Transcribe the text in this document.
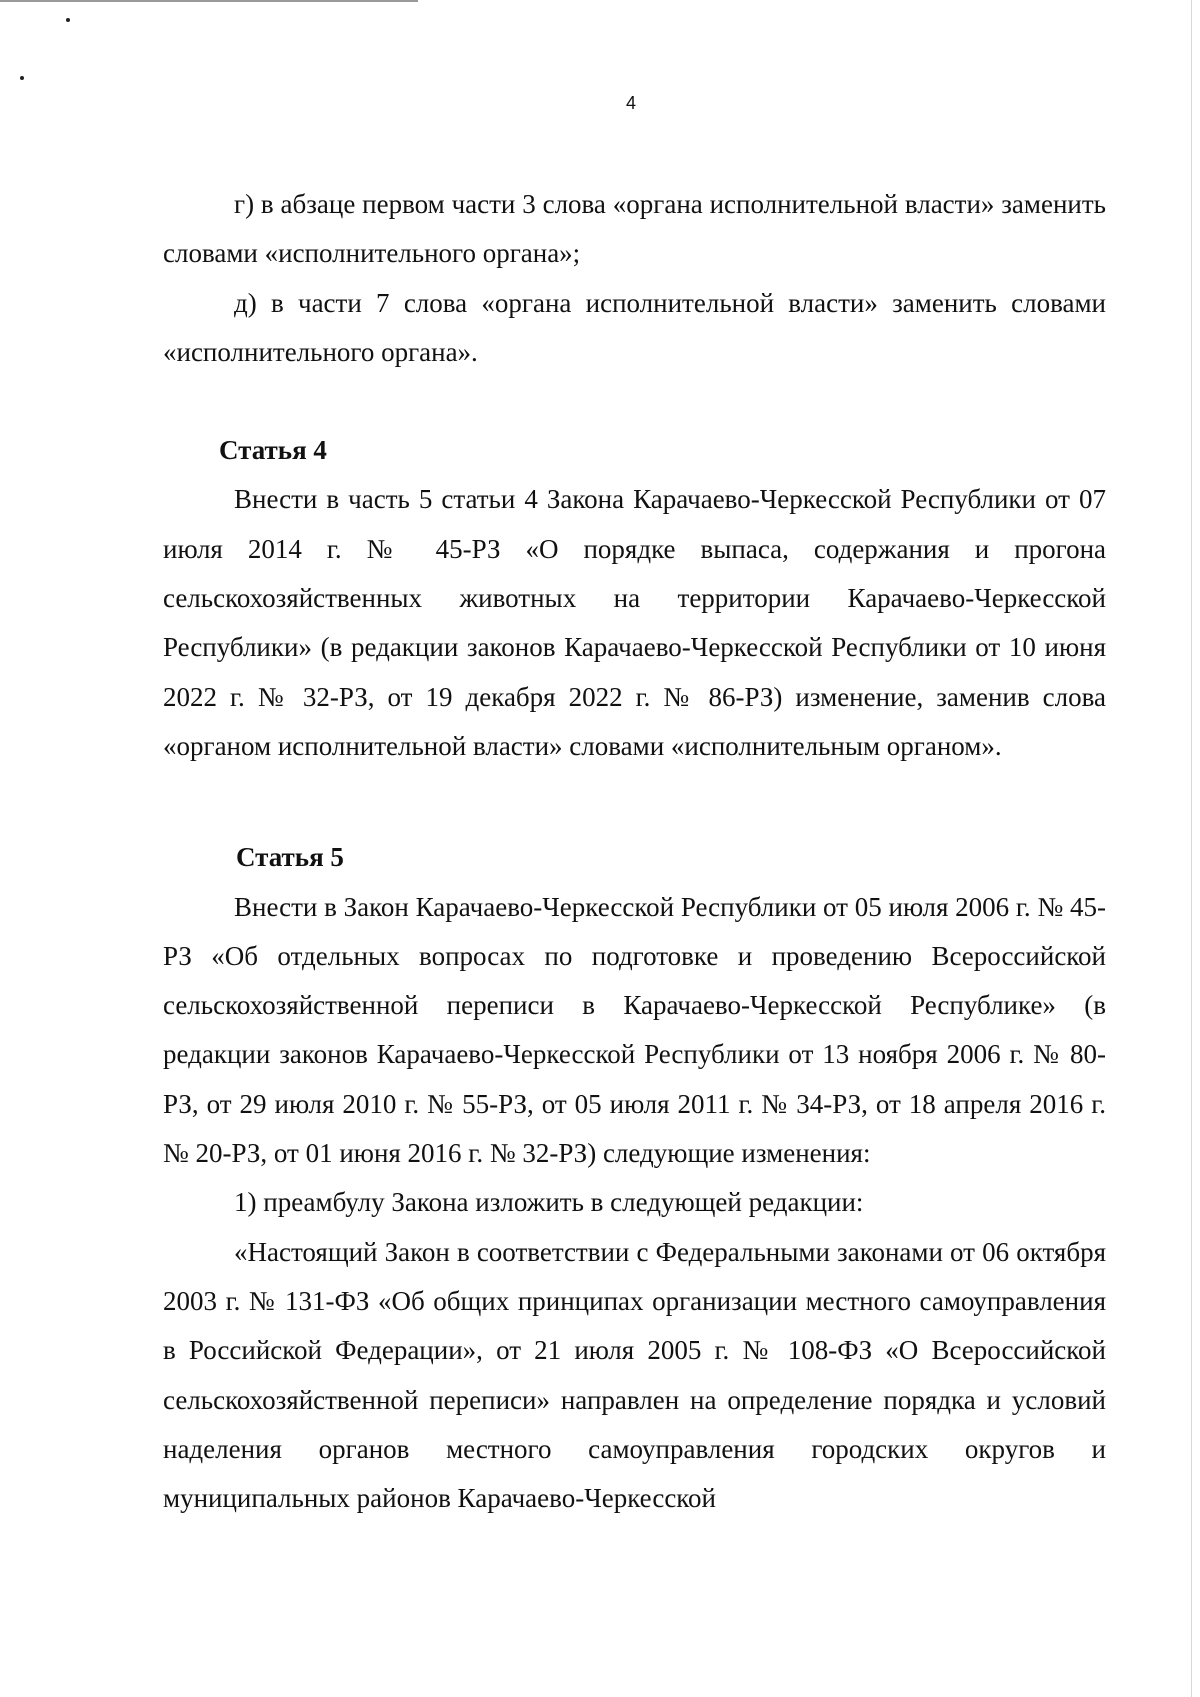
4

г) в абзаце первом части 3 слова «органа исполнительной власти» заменить словами «исполнительного органа»;

д) в части 7 слова «органа исполнительной власти» заменить словами «исполнительного органа».

Статья 4

Внести в часть 5 статьи 4 Закона Карачаево-Черкесской Республики от 07 июля 2014 г. № 45-РЗ «О порядке выпаса, содержания и прогона сельскохозяйственных животных на территории Карачаево-Черкесской Республики» (в редакции законов Карачаево-Черкесской Республики от 10 июня 2022 г. № 32-РЗ, от 19 декабря 2022 г. № 86-РЗ) изменение, заменив слова «органом исполнительной власти» словами «исполнительным органом».

Статья 5

Внести в Закон Карачаево-Черкесской Республики от 05 июля 2006 г. № 45-РЗ «Об отдельных вопросах по подготовке и проведению Всероссийской сельскохозяйственной переписи в Карачаево-Черкесской Республике» (в редакции законов Карачаево-Черкесской Республики от 13 ноября 2006 г. № 80-РЗ, от 29 июля 2010 г. № 55-РЗ, от 05 июля 2011 г. № 34-РЗ, от 18 апреля 2016 г. № 20-РЗ, от 01 июня 2016 г. № 32-РЗ) следующие изменения:

1) преамбулу Закона изложить в следующей редакции:

«Настоящий Закон в соответствии с Федеральными законами от 06 октября 2003 г. № 131-ФЗ «Об общих принципах организации местного самоуправления в Российской Федерации», от 21 июля 2005 г. № 108-ФЗ «О Всероссийской сельскохозяйственной переписи» направлен на определение порядка и условий наделения органов местного самоуправления городских округов и муниципальных районов Карачаево-Черкесской
